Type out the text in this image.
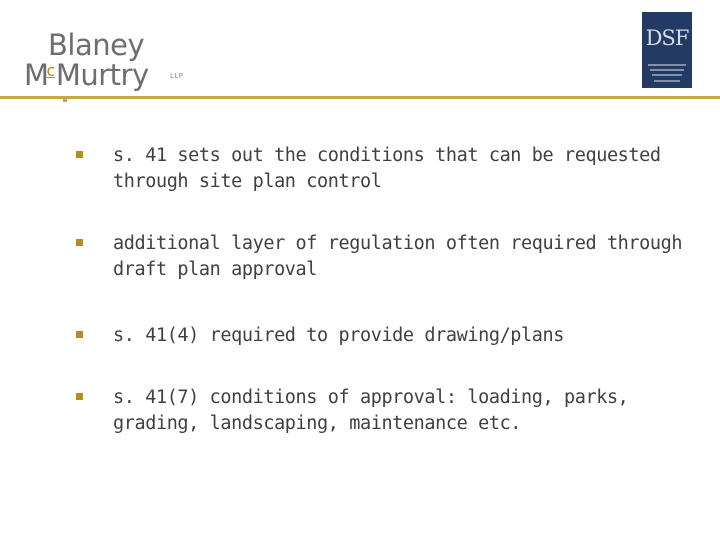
Blaney
$M^cMurtry$	LLP
DSF
s. 41 sets out the conditions that can be requested through site plan control
additional layer of regulation often required through draft plan approval
s. 41(4) required to provide drawing/plans
s. 41(7) conditions of approval: loading, parks, grading, landscaping, maintenance etc.
